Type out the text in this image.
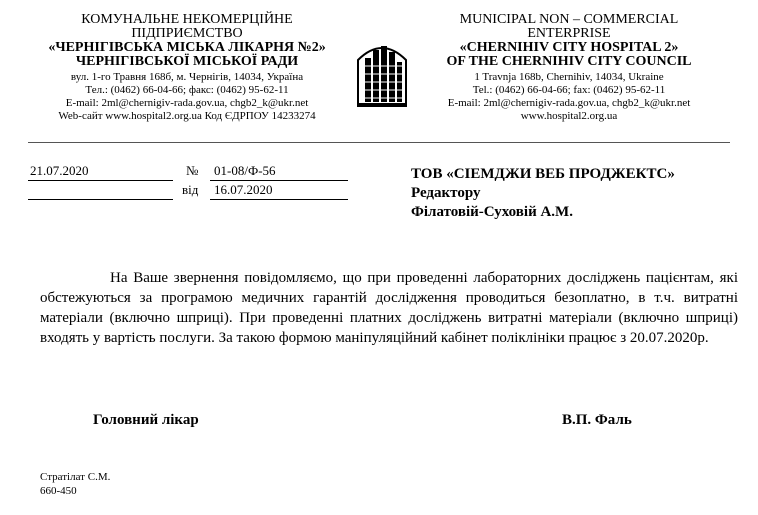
КОМУНАЛЬНЕ НЕКОМЕРЦІЙНЕ
ПІДПРИЄМСТВО
«ЧЕРНІГІВСЬКА МІСЬКА ЛІКАРНЯ №2»
ЧЕРНІГІВСЬКОЇ МІСЬКОЇ РАДИ
вул. 1-го Травня 168б, м. Чернігів, 14034, Україна
Тел.: (0462) 66-04-66; факс: (0462) 95-62-11
E-mail: 2ml@chernigiv-rada.gov.ua, chgb2_k@ukr.net
Web-сайт www.hospital2.org.ua Код ЄДРПОУ 14233274
MUNICIPAL NON – COMMERCIAL
ENTERPRISE
«CHERNIHIV CITY HOSPITAL 2»
OF THE CHERNIHIV CITY COUNCIL
1 Travnja 168b, Chernihiv, 14034, Ukraine
Tel.: (0462) 66-04-66; fax: (0462) 95-62-11
E-mail: 2ml@chernigiv-rada.gov.ua, chgb2_k@ukr.net
www.hospital2.org.ua
21.07.2020	№ 01-08/Ф-56
від 16.07.2020
ТОВ «СІЕМДЖИ ВЕБ ПРОДЖЕКТС»
Редактору
Філатовій-Суховій А.М.
На Ваше звернення повідомляємо, що при проведенні лабораторних досліджень пацієнтам, які обстежуються за програмою медичних гарантій дослідження проводиться безоплатно, в т.ч. витратні матеріали (включно шприці). При проведенні платних досліджень витратні матеріали (включно шприці) входять у вартість послуги. За такою формою маніпуляційний кабінет поліклініки працює з 20.07.2020р.
Головний лікар	В.П. Фаль
Стратілат С.М.
660-450
